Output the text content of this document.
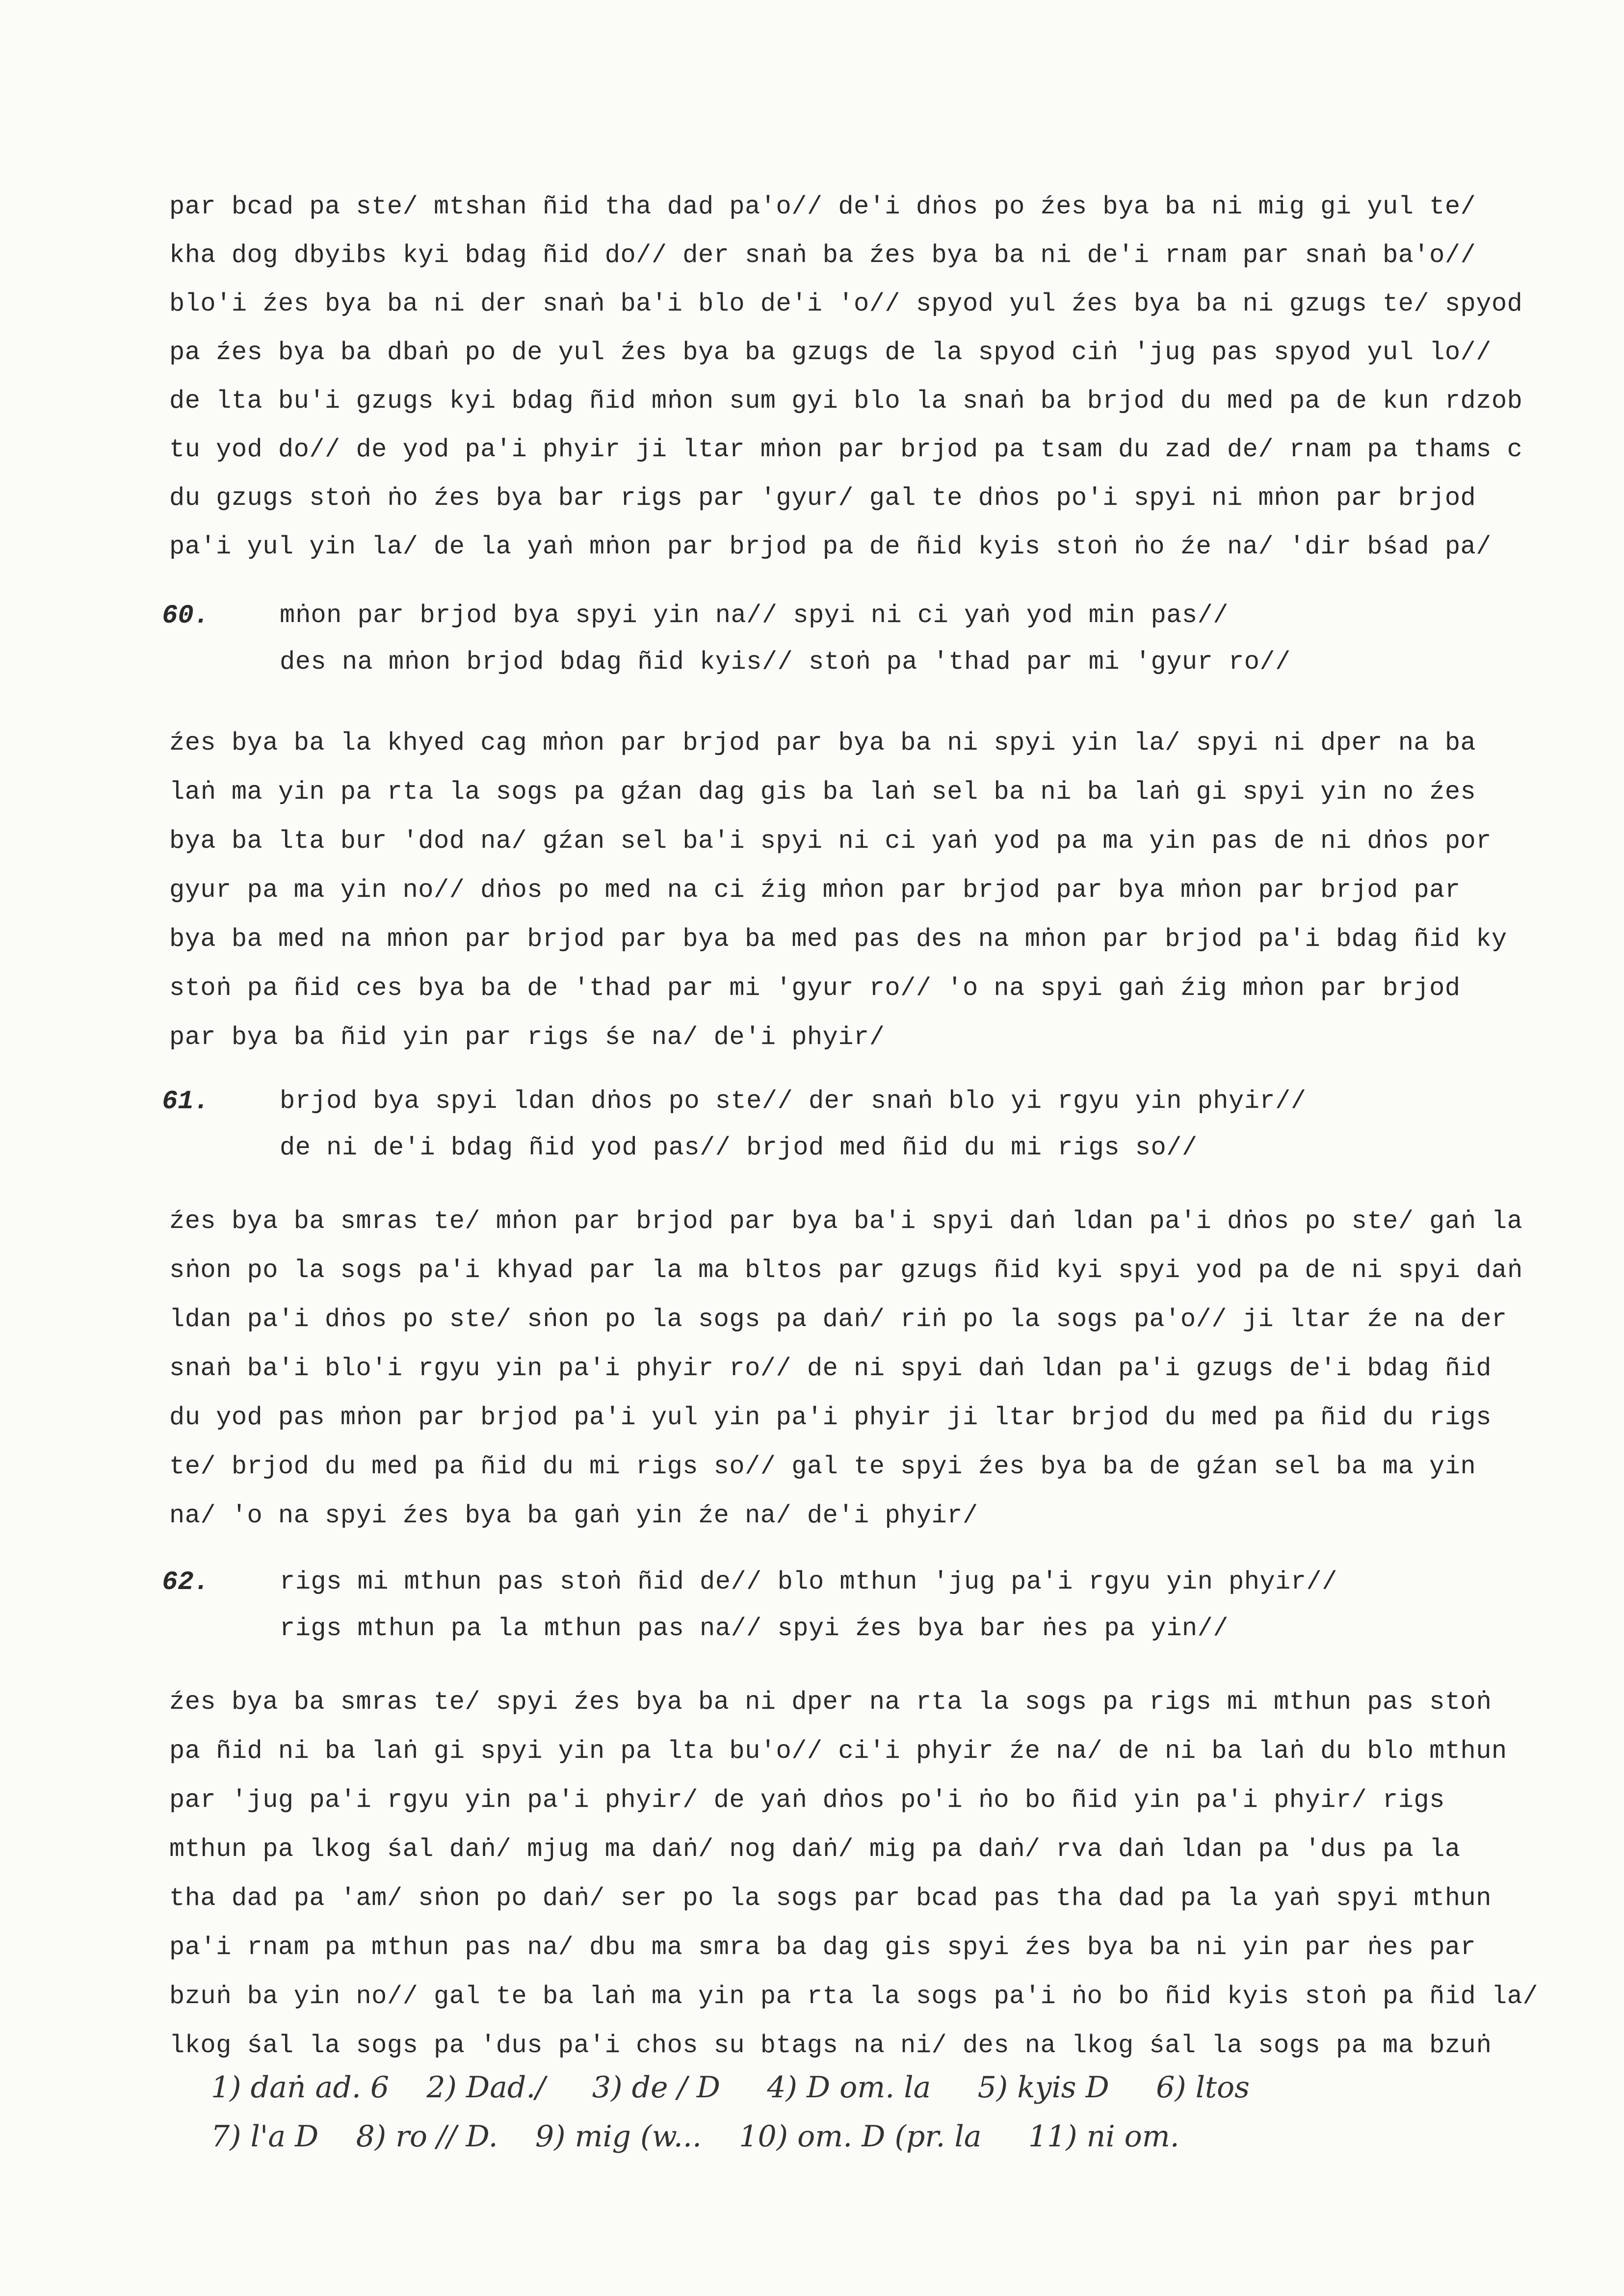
par bcad pa ste/ mtshan ñid tha dad pa'o// de'i dṅos po źes bya ba ni mig gi yul te/
kha dog dbyibs kyi bdag ñid do// der snaṅ ba źes bya ba ni de'i rnam par snaṅ ba'o//
blo'i źes bya ba ni der snaṅ ba'i blo de'i 'o// spyod yul źes bya ba ni gzugs te/ spyod
pa źes bya ba dbaṅ po de yul źes bya ba gzugs de la spyod ciṅ 'jug pas spyod yul lo//
de lta bu'i gzugs kyi bdag ñid mṅon sum gyi blo la snaṅ ba brjod du med pa de kun rdzob
tu yod do// de yod pa'i phyir ji ltar mṅon par brjod pa tsam du zad de/ rnam pa thams c
du gzugs stoṅ ṅo źes bya bar rigs par 'gyur/ gal te dṅos po'i spyi ni mṅon par brjod
pa'i yul yin la/ de la yaṅ mṅon par brjod pa de ñid kyis stoṅ ṅo źe na/ 'dir bśad pa/
60.	mṅon par brjod bya spyi yin na// spyi ni ci yaṅ yod min pas//
des na mṅon brjod bdag ñid kyis// stoṅ pa 'thad par mi 'gyur ro//
źes bya ba la khyed cag mṅon par brjod par bya ba ni spyi yin la/ spyi ni dper na ba
laṅ ma yin pa rta la sogs pa gźan dag gis ba laṅ sel ba ni ba laṅ gi spyi yin no źes
bya ba lta bur 'dod na/ gźan sel ba'i spyi ni ci yaṅ yod pa ma yin pas de ni dṅos por
gyur pa ma yin no// dṅos po med na ci źig mṅon par brjod par bya mṅon par brjod par
bya ba med na mṅon par brjod par bya ba med pas des na mṅon par brjod pa'i bdag ñid ky
stoṅ pa ñid ces bya ba de 'thad par mi 'gyur ro// 'o na spyi gaṅ źig mṅon par brjod
par bya ba ñid yin par rigs śe na/ de'i phyir/
61.	brjod bya spyi ldan dṅos po ste// der snaṅ blo yi rgyu yin phyir//
de ni de'i bdag ñid yod pas// brjod med ñid du mi rigs so//
źes bya ba smras te/ mṅon par brjod par bya ba'i spyi daṅ ldan pa'i dṅos po ste/ gaṅ la
sṅon po la sogs pa'i khyad par la ma bltos par gzugs ñid kyi spyi yod pa de ni spyi daṅ
ldan pa'i dṅos po ste/ sṅon po la sogs pa daṅ/ riṅ po la sogs pa'o// ji ltar źe na der
snaṅ ba'i blo'i rgyu yin pa'i phyir ro// de ni spyi daṅ ldan pa'i gzugs de'i bdag ñid
du yod pas mṅon par brjod pa'i yul yin pa'i phyir ji ltar brjod du med pa ñid du rigs
te/ brjod du med pa ñid du mi rigs so// gal te spyi źes bya ba de gźan sel ba ma yin
na/ 'o na spyi źes bya ba gaṅ yin źe na/ de'i phyir/
62.	rigs mi mthun pas stoṅ ñid de// blo mthun 'jug pa'i rgyu yin phyir//
rigs mthun pa la mthun pas na// spyi źes bya bar ṅes pa yin//
źes bya ba smras te/ spyi źes bya ba ni dper na rta la sogs pa rigs mi mthun pas stoṅ
pa ñid ni ba laṅ gi spyi yin pa lta bu'o// ci'i phyir źe na/ de ni ba laṅ du blo mthun
par 'jug pa'i rgyu yin pa'i phyir/ de yaṅ dṅos po'i ṅo bo ñid yin pa'i phyir/ rigs
mthun pa lkog śal daṅ/ mjug ma daṅ/ nog daṅ/ mig pa daṅ/ rva daṅ ldan pa 'dus pa la
tha dad pa 'am/ sṅon po daṅ/ ser po la sogs par bcad pas tha dad pa la yaṅ spyi mthun
pa'i rnam pa mthun pas na/ dbu ma smra ba dag gis spyi źes bya ba ni yin par ṅes par
bzuṅ ba yin no// gal te ba laṅ ma yin pa rta la sogs pa'i ṅo bo ñid kyis stoṅ pa ñid la/
lkog śal la sogs pa 'dus pa'i chos su btags na ni/ des na lkog śal la sogs pa ma bzuṅ
1) daṅ ad. 6    2) Dad./     3) de / D     4) D om. la     5) kyis D     6) ltos
7) l'a D    8) ro // D.    9) mig (w...    10) om. D (pr. la     11) ni om.
